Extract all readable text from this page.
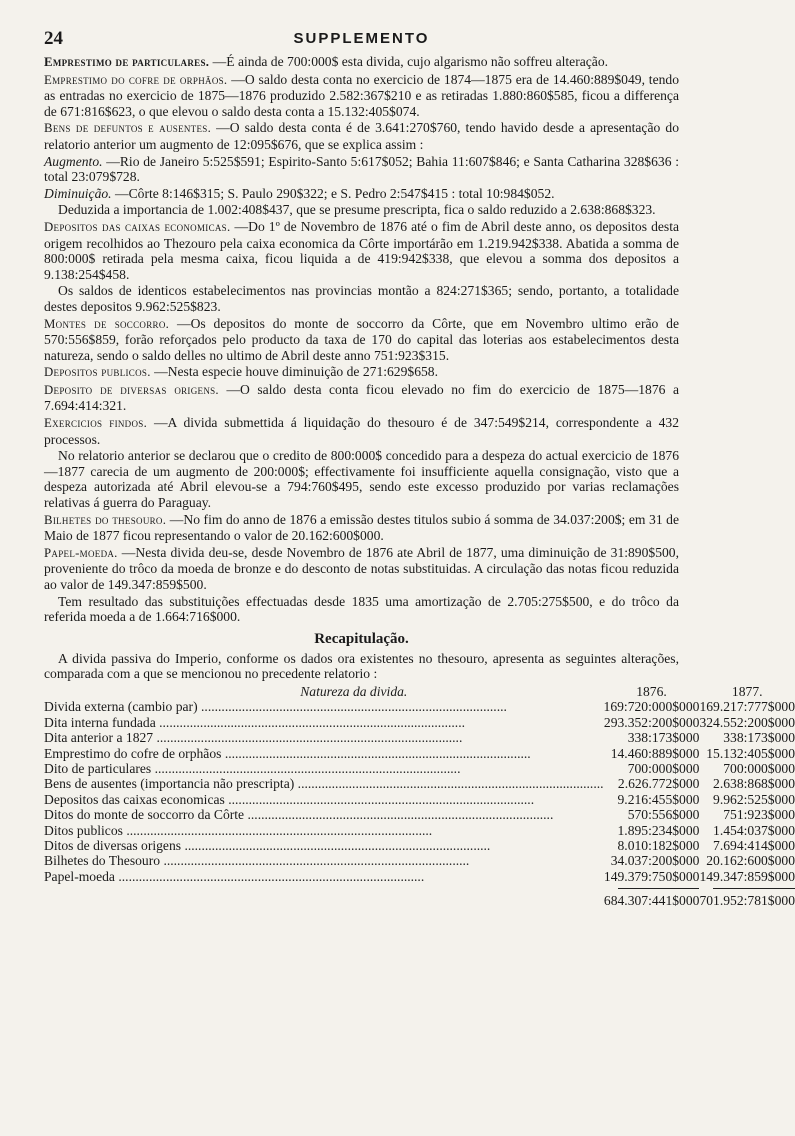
24	SUPPLEMENTO

Emprestimo de particulares. —É ainda de 700:000$ esta divida, cujo algarismo não soffreu alteração.

Emprestimo do cofre de orphãos. —O saldo desta conta no exercicio de 1874—1875 era de 14.460:889$049, tendo as entradas no exercicio de 1875—1876 produzido 2.582:367$210 e as retiradas 1.880:860$585, ficou a differença de 671:816$623, o que elevou o saldo desta conta a 15.132:405$074.

Bens de defuntos e ausentes. —O saldo desta conta é de 3.641:270$760, tendo havido desde a apresentação do relatorio anterior um augmento de 12:095$676, que se explica assim :

Augmento. —Rio de Janeiro 5:525$591; Espirito-Santo 5:617$052; Bahia 11:607$846; e Santa Catharina 328$636 : total 23:079$728.

Diminuição. —Côrte 8:146$315; S. Paulo 290$322; e S. Pedro 2:547$415 : total 10:984$052.

Deduzida a importancia de 1.002:408$437, que se presume prescripta, fica o saldo reduzido a 2.638:868$323.

Depositos das caixas economicas. —Do 1º de Novembro de 1876 até o fim de Abril deste anno, os depositos desta origem recolhidos ao Thezouro pela caixa economica da Côrte importárão em 1.219.942$338. Abatida a somma de 800:000$ retirada pela mesma caixa, ficou liquida a de 419:942$338, que elevou a somma dos depositos a 9.138:254$458.

Os saldos de identicos estabelecimentos nas provincias montão a 824:271$365; sendo, portanto, a totalidade destes depositos 9.962:525$823.

Montes de soccorro. —Os depositos do monte de soccorro da Côrte, que em Novembro ultimo erão de 570:556$859, forão reforçados pelo producto da taxa de 170 do capital das loterias aos estabelecimentos desta natureza, sendo o saldo delles no ultimo de Abril deste anno 751:923$315.

Depositos publicos. —Nesta especie houve diminuição de 271:629$658.

Deposito de diversas origens. —O saldo desta conta ficou elevado no fim do exercicio de 1875—1876 a 7.694:414:321.

Exercicios findos. —A divida submettida á liquidação do thesouro é de 347:549$214, correspondente a 432 processos.

No relatorio anterior se declarou que o credito de 800:000$ concedido para a despeza do actual exercicio de 1876—1877 carecia de um augmento de 200:000$; effectivamente foi insufficiente aquella consignação, visto que a despeza autorizada até Abril elevou-se a 794:760$495, sendo este excesso produzido por varias reclamações relativas á guerra do Paraguay.

Bilhetes do thesouro. —No fim do anno de 1876 a emissão destes titulos subio á somma de 34.037:200$; em 31 de Maio de 1877 ficou representando o valor de 20.162:600$000.

Papel-moeda. —Nesta divida deu-se, desde Novembro de 1876 ate Abril de 1877, uma diminuição de 31:890$500, proveniente do trôco da moeda de bronze e do desconto de notas substituidas. A circulação das notas ficou reduzida ao valor de 149.347:859$500.

Tem resultado das substituições effectuadas desde 1835 uma amortização de 2.705:275$500, e do trôco da referida moeda a de 1.664:716$000.

Recapitulação.

A divida passiva do Imperio, conforme os dados ora existentes no thesouro, apresenta as seguintes alterações, comparada com a que se mencionou no precedente relatorio :

Natureza da divida.	1876.	1877.
Divida externa (cambio par) ..........................................................................................	169:720:000$000	169.217:777$000
Dita interna fundada ..........................................................................................	293.352:200$000	324.552:200$000
Dita anterior a 1827 ..........................................................................................	338:173$000	338:173$000
Emprestimo do cofre de orphãos ..........................................................................................	14.460:889$000	15.132:405$000
Dito de particulares ..........................................................................................	700:000$000	700:000$000
Bens de ausentes (importancia não prescripta) ..........................................................................................	2.626.772$000	2.638:868$000
Depositos das caixas economicas ..........................................................................................	9.216:455$000	9.962:525$000
Ditos do monte de soccorro da Côrte ..........................................................................................	570:556$000	751:923$000
Ditos publicos ..........................................................................................	1.895:234$000	1.454:037$000
Ditos de diversas origens ..........................................................................................	8.010:182$000	7.694:414$000
Bilhetes do Thesouro ..........................................................................................	34.037:200$000	20.162:600$000
Papel-moeda ..........................................................................................	149.379:750$000	149.347:859$000

	684.307:441$000	701.952:781$000
